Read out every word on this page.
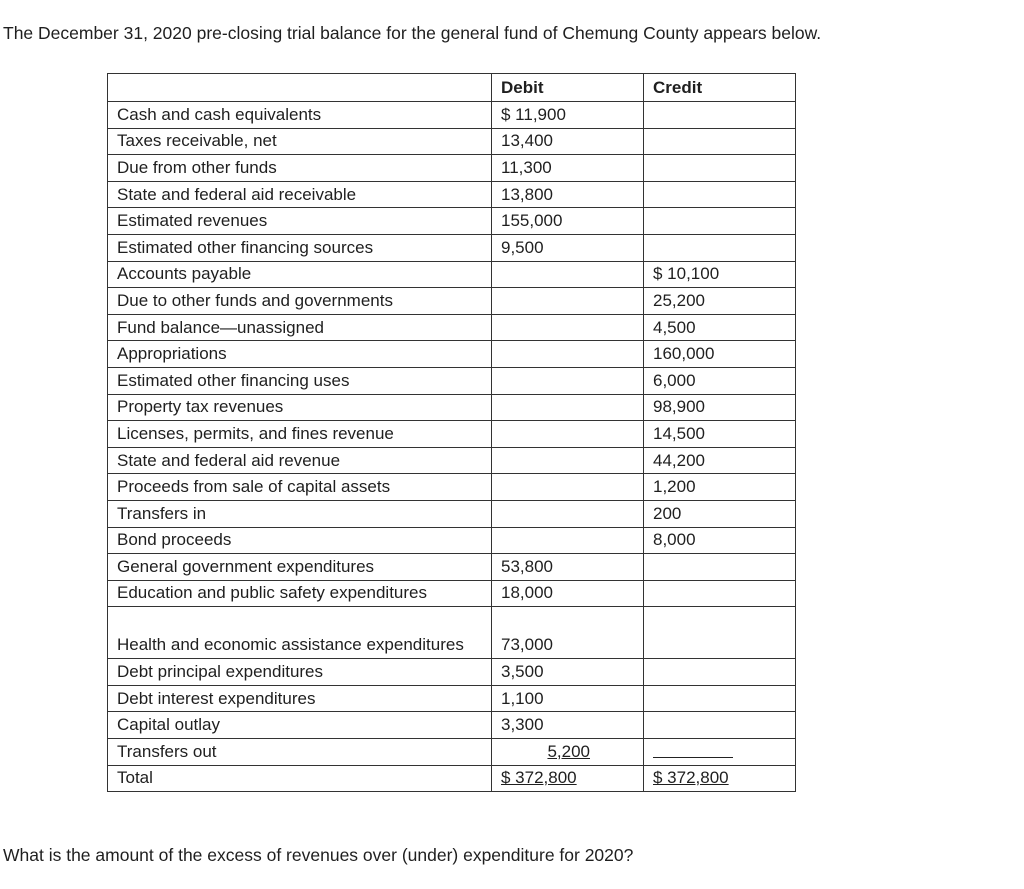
The December 31, 2020 pre-closing trial balance for the general fund of Chemung County appears below.

	Debit	Credit
Cash and cash equivalents	$ 11,900	
Taxes receivable, net	13,400	
Due from other funds	11,300	
State and federal aid receivable	13,800	
Estimated revenues	155,000	
Estimated other financing sources	9,500	
Accounts payable		$ 10,100
Due to other funds and governments		25,200
Fund balance—unassigned		4,500
Appropriations		160,000
Estimated other financing uses		6,000
Property tax revenues		98,900
Licenses, permits, and fines revenue		14,500
State and federal aid revenue		44,200
Proceeds from sale of capital assets		1,200
Transfers in		200
Bond proceeds		8,000
General government expenditures	53,800	
Education and public safety expenditures	18,000	
Health and economic assistance expenditures	73,000	
Debt principal expenditures	3,500	
Debt interest expenditures	1,100	
Capital outlay	3,300	
Transfers out	5,200	
Total	$ 372,800	$ 372,800

What is the amount of the excess of revenues over (under) expenditure for 2020?
